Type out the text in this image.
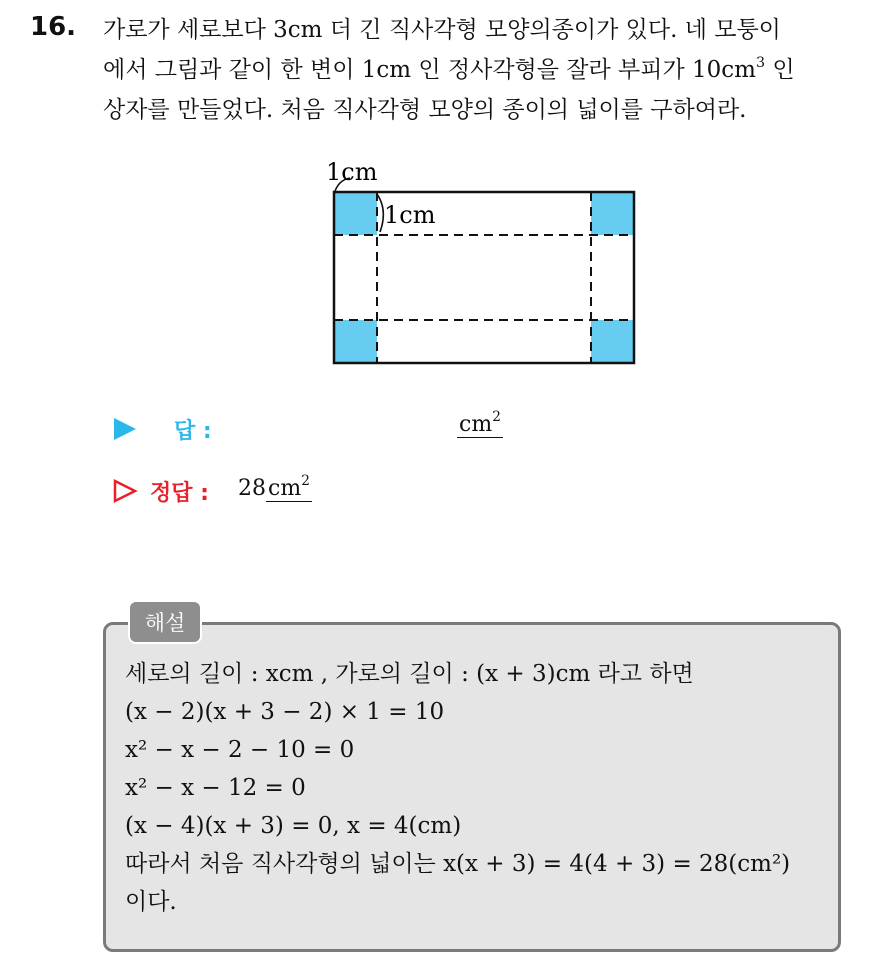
16. 가로가 세로보다 3cm 더 긴 직사각형 모양의종이가 있다. 네 모퉁이
에서 그림과 같이 한 변이 1cm 인 정사각형을 잘라 부피가 $10cm^3$ 인
상자를 만들었다. 처음 직사각형 모양의 종이의 넓이를 구하여라.
1cm
1cm
답 :	$cm^2$
정답 : $28cm^2$
해설
세로의 길이 : xcm , 가로의 길이 : (x + 3)cm 라고 하면
(x − 2)(x + 3 − 2) × 1 = 10
x² − x − 2 − 10 = 0
x² − x − 12 = 0
(x − 4)(x + 3) = 0, x = 4(cm)
따라서 처음 직사각형의 넓이는 x(x + 3) = 4(4 + 3) = 28(cm²)
이다.
